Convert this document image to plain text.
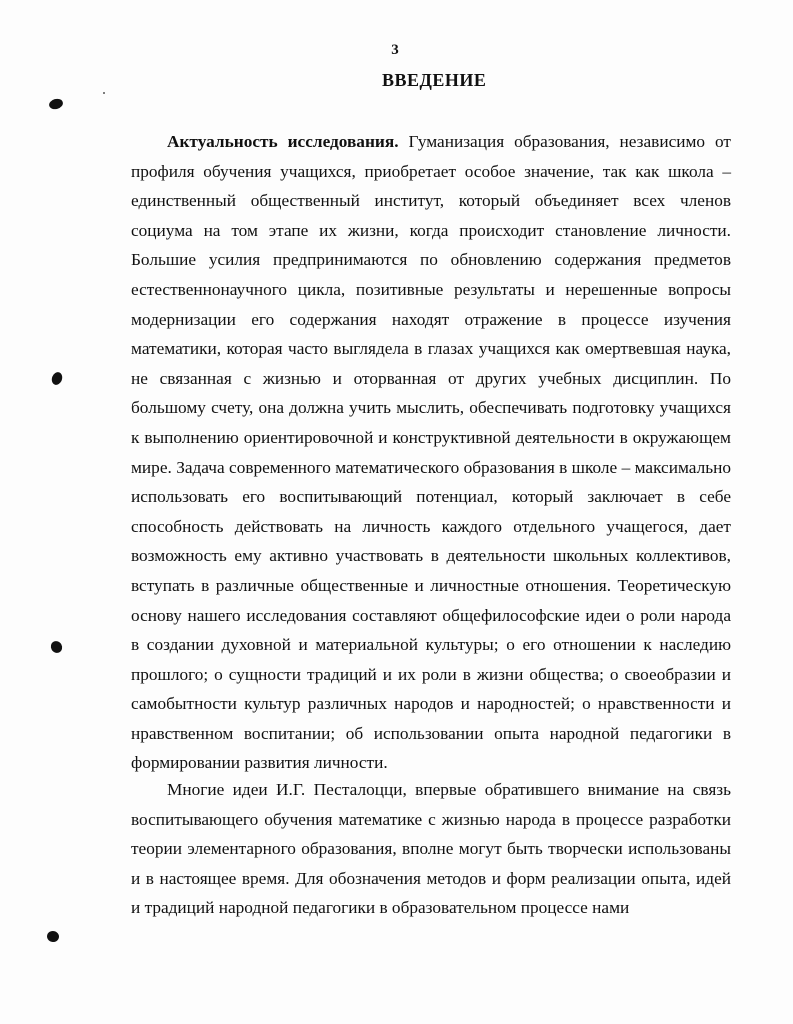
3

ВВЕДЕНИЕ

Актуальность исследования. Гуманизация образования, независимо от профиля обучения учащихся, приобретает особое значение, так как школа – единственный общественный институт, который объединяет всех членов социума на том этапе их жизни, когда происходит становление личности. Большие усилия предпринимаются по обновлению содержания предметов естественнонаучного цикла, позитивные результаты и нерешенные вопросы модернизации его содержания находят отражение в процессе изучения математики, которая часто выглядела в глазах учащихся как омертвевшая наука, не связанная с жизнью и оторванная от других учебных дисциплин. По большому счету, она должна учить мыслить, обеспечивать подготовку учащихся к выполнению ориентировочной и конструктивной деятельности в окружающем мире. Задача современного математического образования в школе – максимально использовать его воспитывающий потенциал, который заключает в себе способность действовать на личность каждого отдельного учащегося, дает возможность ему активно участвовать в деятельности школьных коллективов, вступать в различные общественные и личностные отношения. Теоретическую основу нашего исследования составляют общефилософские идеи о роли народа в создании духовной и материальной культуры; о его отношении к наследию прошлого; о сущности традиций и их роли в жизни общества; о своеобразии и самобытности культур различных народов и народностей; о нравственности и нравственном воспитании; об использовании опыта народной педагогики в формировании развития личности.

Многие идеи И.Г. Песталоцци, впервые обратившего внимание на связь воспитывающего обучения математике с жизнью народа в процессе разработки теории элементарного образования, вполне могут быть творчески использованы и в настоящее время. Для обозначения методов и форм реализации опыта, идей и традиций народной педагогики в образовательном процессе нами
